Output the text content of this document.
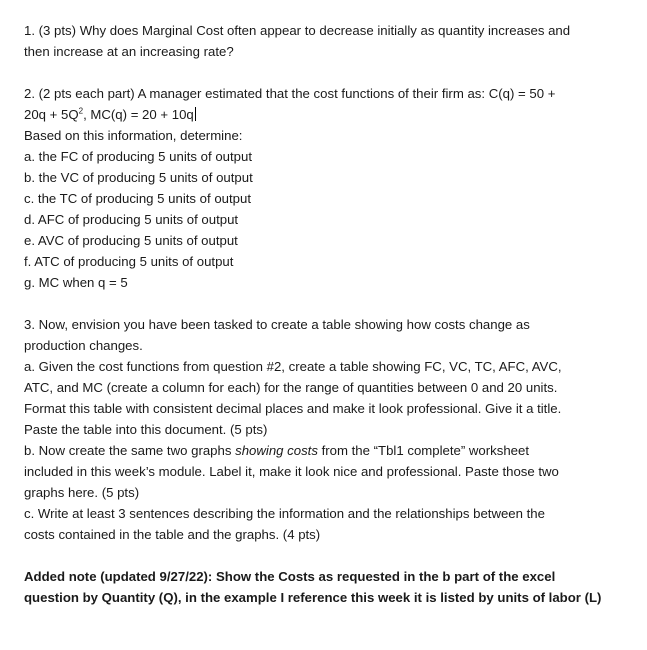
1. (3 pts) Why does Marginal Cost often appear to decrease initially as quantity increases and
then increase at an increasing rate?
2. (2 pts each part) A manager estimated that the cost functions of their firm as: C(q) = 50 +
$20q + 5Q^2$, MC(q) = 20 + 10q
Based on this information, determine:
a. the FC of producing 5 units of output
b. the VC of producing 5 units of output
c. the TC of producing 5 units of output
d. AFC of producing 5 units of output
e. AVC of producing 5 units of output
f. ATC of producing 5 units of output
g. MC when q = 5
3. Now, envision you have been tasked to create a table showing how costs change as
production changes.
a. Given the cost functions from question #2, create a table showing FC, VC, TC, AFC, AVC,
ATC, and MC (create a column for each) for the range of quantities between 0 and 20 units.
Format this table with consistent decimal places and make it look professional. Give it a title.
Paste the table into this document. (5 pts)
b. Now create the same two graphs showing costs from the “Tbl1 complete” worksheet
included in this week’s module. Label it, make it look nice and professional. Paste those two
graphs here. (5 pts)
c. Write at least 3 sentences describing the information and the relationships between the
costs contained in the table and the graphs. (4 pts)
Added note (updated 9/27/22): Show the Costs as requested in the b part of the excel
question by Quantity (Q), in the example I reference this week it is listed by units of labor (L)
